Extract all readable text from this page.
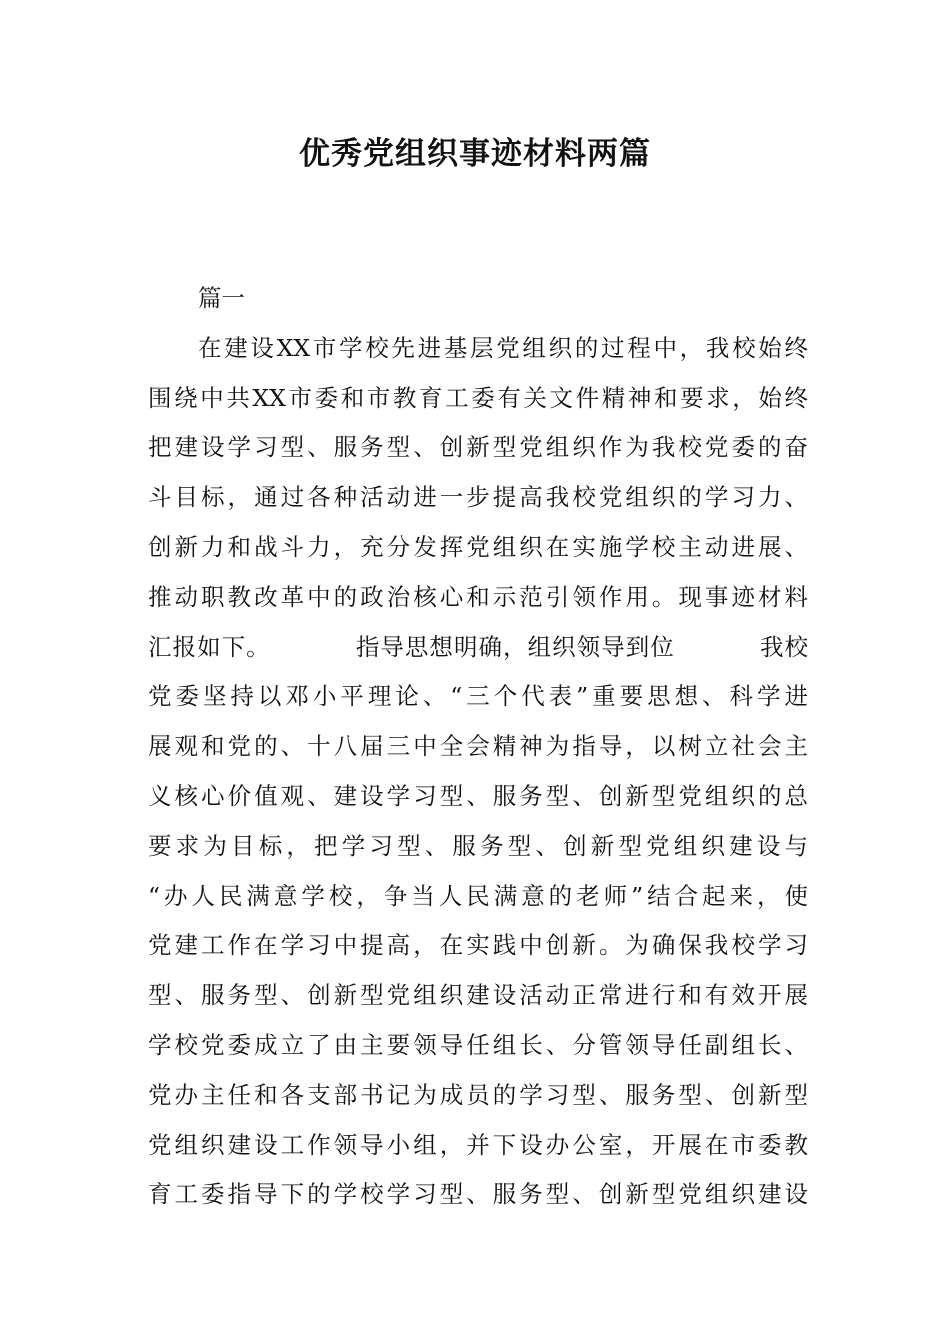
优秀党组织事迹材料两篇
篇一
在建设XX市学校先进基层党组织的过程中，我校始终
围绕中共XX市委和市教育工委有关文件精神和要求，始终
把建设学习型、服务型、创新型党组织作为我校党委的奋
斗目标，通过各种活动进一步提高我校党组织的学习力、
创新力和战斗力，充分发挥党组织在实施学校主动进展、
推动职教改革中的政治核心和示范引领作用。现事迹材料
汇报如下。          指导思想明确，组织领导到位          我校
党委坚持以邓小平理论、“三个代表”重要思想、科学进
展观和党的、十八届三中全会精神为指导，以树立社会主
义核心价值观、建设学习型、服务型、创新型党组织的总
要求为目标，把学习型、服务型、创新型党组织建设与
“办人民满意学校，争当人民满意的老师”结合起来，使
党建工作在学习中提高，在实践中创新。为确保我校学习
型、服务型、创新型党组织建设活动正常进行和有效开展
学校党委成立了由主要领导任组长、分管领导任副组长、
党办主任和各支部书记为成员的学习型、服务型、创新型
党组织建设工作领导小组，并下设办公室，开展在市委教
育工委指导下的学校学习型、服务型、创新型党组织建设
